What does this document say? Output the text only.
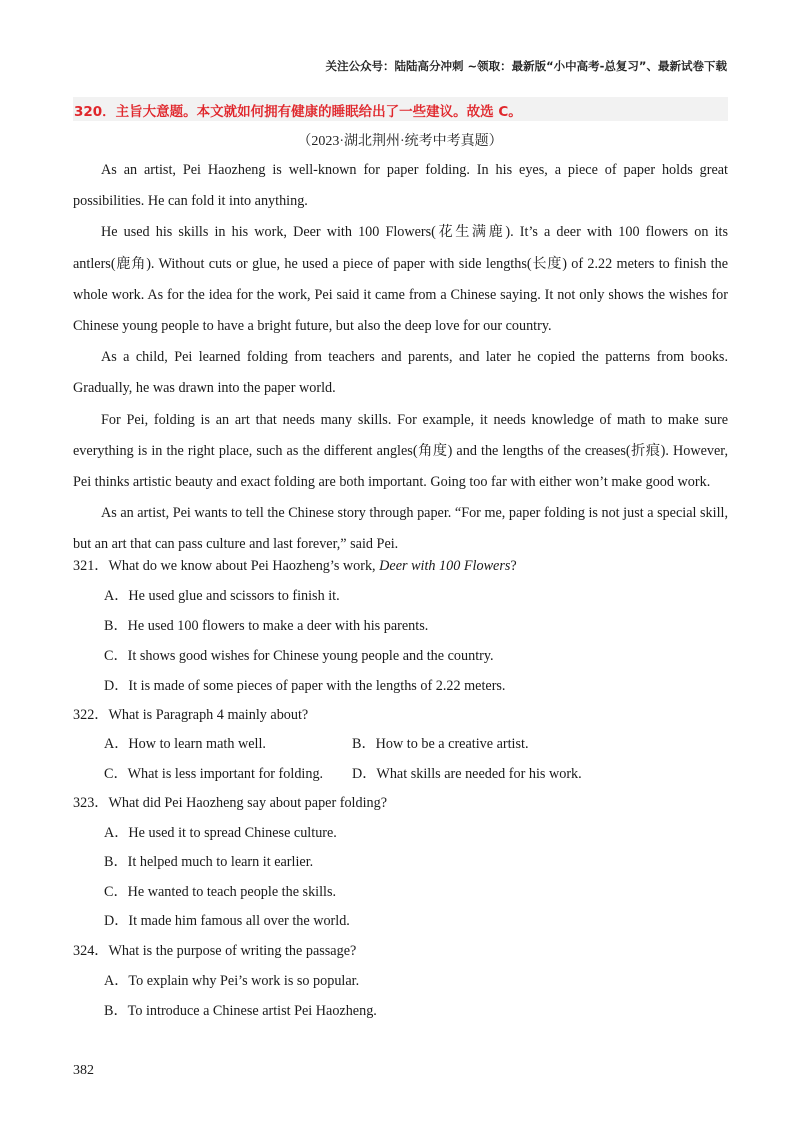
关注公众号：陆陆高分冲刺 ~领取：最新版“小中高考-总复习”、最新试卷下载
320．主旨大意题。本文就如何拥有健康的睡眠给出了一些建议。故选 C。
（2023·湖北荆州·统考中考真题）

As an artist, Pei Haozheng is well-known for paper folding. In his eyes, a piece of paper holds great possibilities. He can fold it into anything.

He used his skills in his work, Deer with 100 Flowers(花生满鹿). It’s a deer with 100 flowers on its antlers(鹿角). Without cuts or glue, he used a piece of paper with side lengths(长度) of 2.22 meters to finish the whole work. As for the idea for the work, Pei said it came from a Chinese saying. It not only shows the wishes for Chinese young people to have a bright future, but also the deep love for our country.

As a child, Pei learned folding from teachers and parents, and later he copied the patterns from books. Gradually, he was drawn into the paper world.

For Pei, folding is an art that needs many skills. For example, it needs knowledge of math to make sure everything is in the right place, such as the different angles(角度) and the lengths of the creases(折痕). However, Pei thinks artistic beauty and exact folding are both important. Going too far with either won’t make good work.

As an artist, Pei wants to tell the Chinese story through paper. “For me, paper folding is not just a special skill, but an art that can pass culture and last forever,” said Pei.

321．What do we know about Pei Haozheng’s work, Deer with 100 Flowers?
A．He used glue and scissors to finish it.
B．He used 100 flowers to make a deer with his parents.
C．It shows good wishes for Chinese young people and the country.
D．It is made of some pieces of paper with the lengths of 2.22 meters.
322．What is Paragraph 4 mainly about?
A．How to learn math well.	B．How to be a creative artist.
C．What is less important for folding. D．What skills are needed for his work.
323．What did Pei Haozheng say about paper folding?
A．He used it to spread Chinese culture.
B．It helped much to learn it earlier.
C．He wanted to teach people the skills.
D．It made him famous all over the world.
324．What is the purpose of writing the passage?
A．To explain why Pei’s work is so popular.
B．To introduce a Chinese artist Pei Haozheng.
382
